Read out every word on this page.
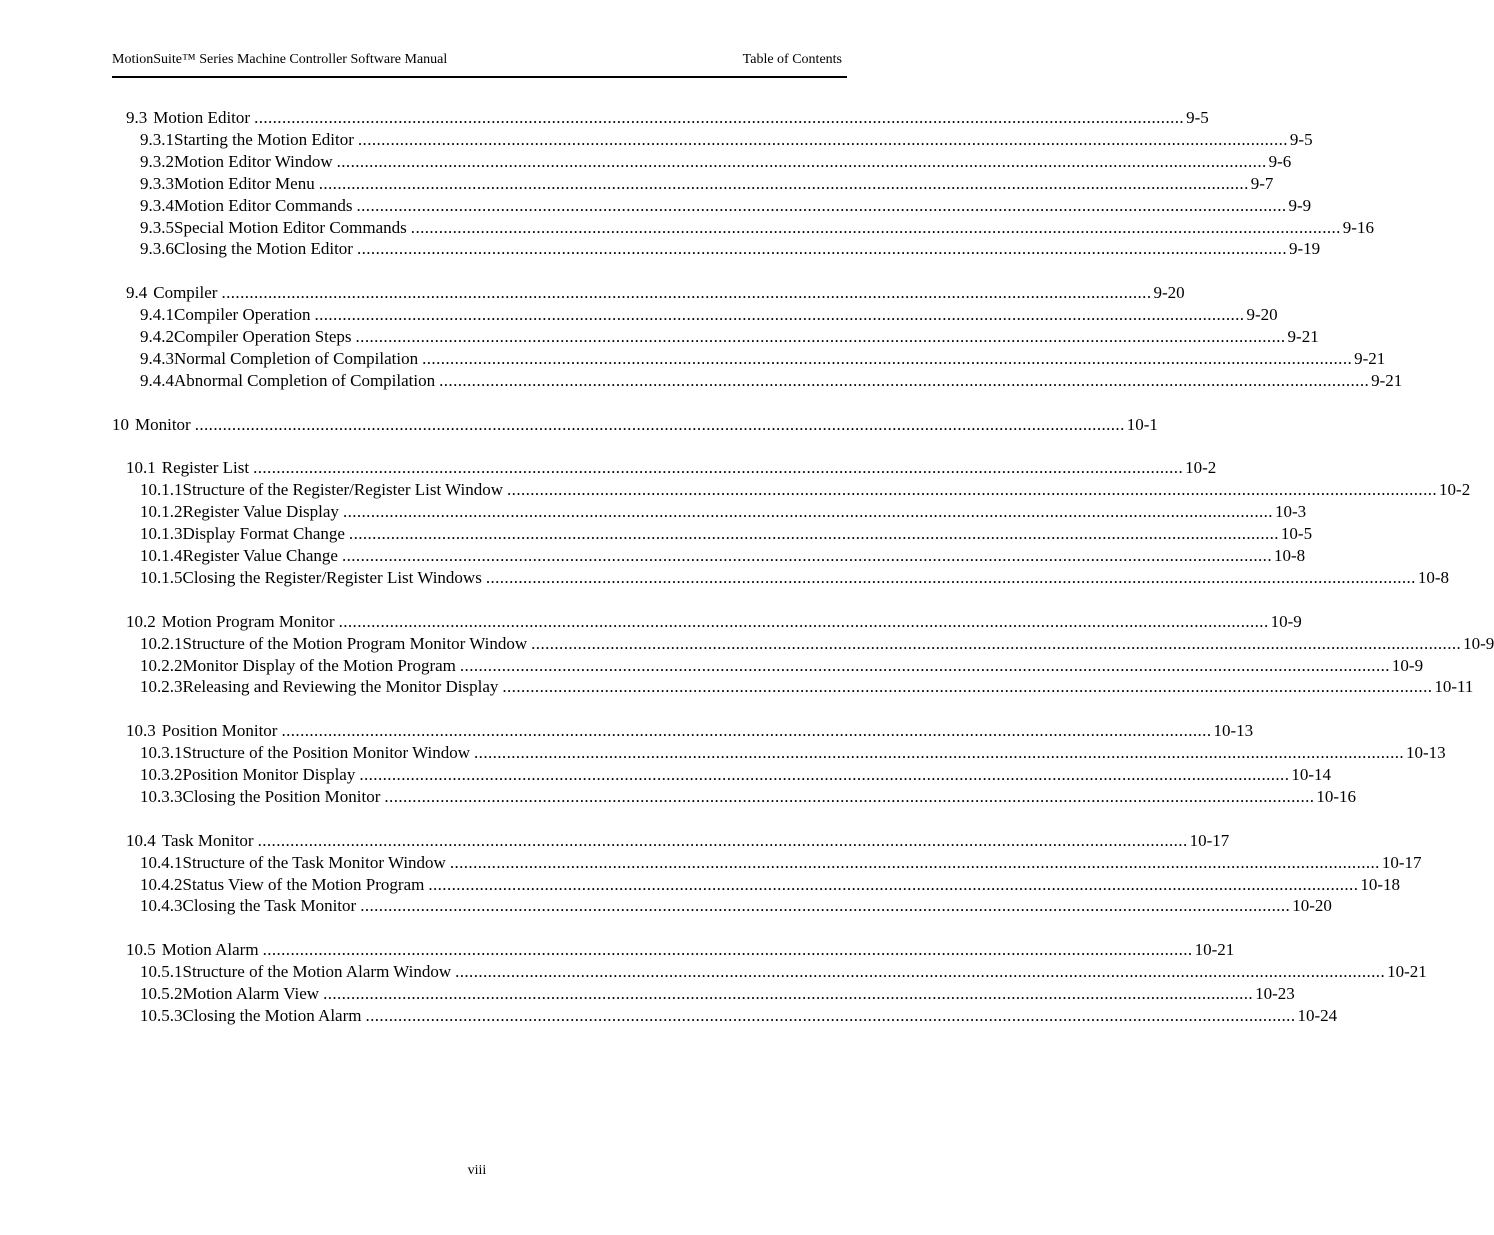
MotionSuite™ Series Machine Controller Software Manual	Table of Contents
9.3 Motion Editor ........................................................................................................................................................................................................ 9-5
9.3.1 Starting the Motion Editor ........................................................................................................................................................................................................ 9-5
9.3.2 Motion Editor Window ........................................................................................................................................................................................................ 9-6
9.3.3 Motion Editor Menu ........................................................................................................................................................................................................ 9-7
9.3.4 Motion Editor Commands ........................................................................................................................................................................................................ 9-9
9.3.5 Special Motion Editor Commands ........................................................................................................................................................................................................ 9-16
9.3.6 Closing the Motion Editor ........................................................................................................................................................................................................ 9-19
9.4 Compiler ........................................................................................................................................................................................................ 9-20
9.4.1 Compiler Operation ........................................................................................................................................................................................................ 9-20
9.4.2 Compiler Operation Steps ........................................................................................................................................................................................................ 9-21
9.4.3 Normal Completion of Compilation ........................................................................................................................................................................................................ 9-21
9.4.4 Abnormal Completion of Compilation ........................................................................................................................................................................................................ 9-21
10 Monitor ........................................................................................................................................................................................................ 10-1
10.1 Register List ........................................................................................................................................................................................................ 10-2
10.1.1 Structure of the Register/Register List Window ........................................................................................................................................................................................................ 10-2
10.1.2 Register Value Display ........................................................................................................................................................................................................ 10-3
10.1.3 Display Format Change ........................................................................................................................................................................................................ 10-5
10.1.4 Register Value Change ........................................................................................................................................................................................................ 10-8
10.1.5 Closing the Register/Register List Windows ........................................................................................................................................................................................................ 10-8
10.2 Motion Program Monitor ........................................................................................................................................................................................................ 10-9
10.2.1 Structure of the Motion Program Monitor Window ........................................................................................................................................................................................................ 10-9
10.2.2 Monitor Display of the Motion Program ........................................................................................................................................................................................................ 10-9
10.2.3 Releasing and Reviewing the Monitor Display ........................................................................................................................................................................................................ 10-11
10.3 Position Monitor ........................................................................................................................................................................................................ 10-13
10.3.1 Structure of the Position Monitor Window ........................................................................................................................................................................................................ 10-13
10.3.2 Position Monitor Display ........................................................................................................................................................................................................ 10-14
10.3.3 Closing the Position Monitor ........................................................................................................................................................................................................ 10-16
10.4 Task Monitor ........................................................................................................................................................................................................ 10-17
10.4.1 Structure of the Task Monitor Window ........................................................................................................................................................................................................ 10-17
10.4.2 Status View of the Motion Program ........................................................................................................................................................................................................ 10-18
10.4.3 Closing the Task Monitor ........................................................................................................................................................................................................ 10-20
10.5 Motion Alarm ........................................................................................................................................................................................................ 10-21
10.5.1 Structure of the Motion Alarm Window ........................................................................................................................................................................................................ 10-21
10.5.2 Motion Alarm View ........................................................................................................................................................................................................ 10-23
10.5.3 Closing the Motion Alarm ........................................................................................................................................................................................................ 10-24
viii
